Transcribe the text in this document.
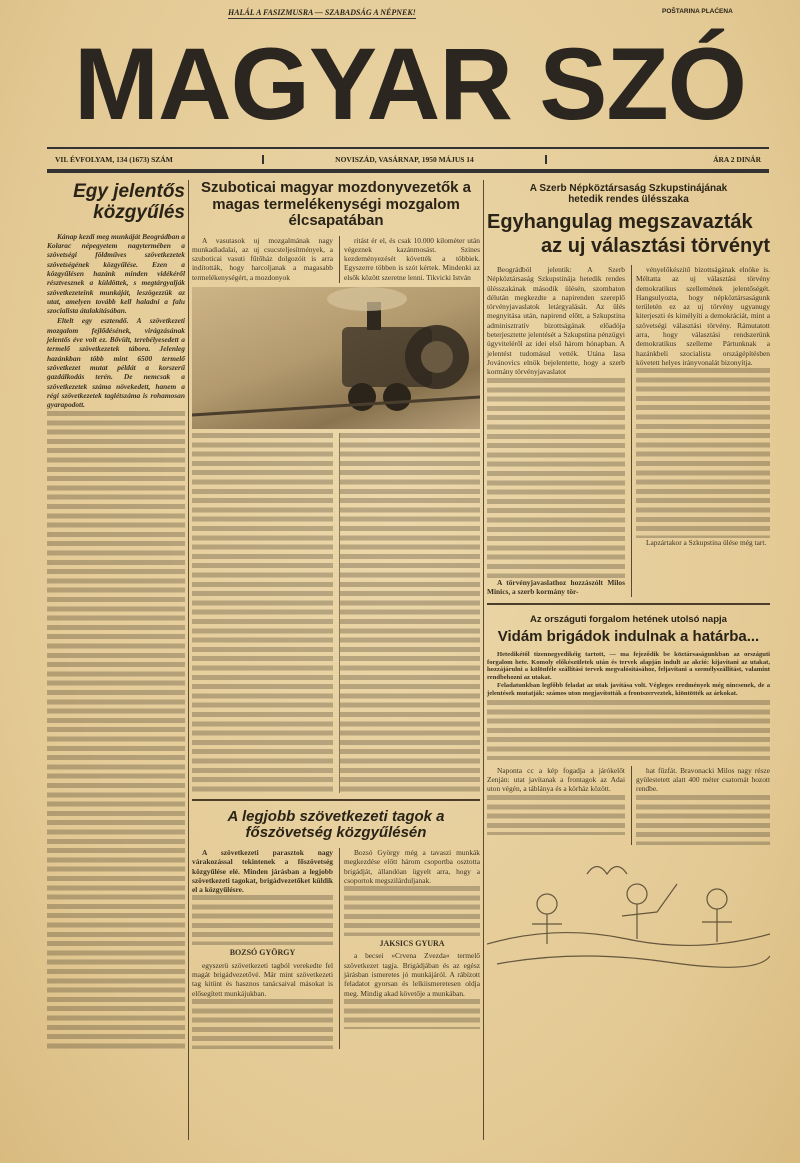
HALÁL A FASIZMUSRA — SZABADSÁG A NÉPNEK!	POŠTARINA PLAĆENA
MAGYAR SZÓ
VII. ÉVFOLYAM, 134 (1673) SZÁM	NOVISZÁD, VASÁRNAP, 1950 MÁJUS 14	ÁRA 2 DINÁR
Egy jelentős
közgyűlés

Kánap kezdi meg munkáját Beográdban a Kolarac népegyetem nagytermében a szövetségi földműves szövetkezetek szövetségének közgyűlése. Ezen a közgyűlésen hazánk minden vidékéről résztvesznek a küldöttek, s megtárgyalják szövetkezeteink munkáját, leszögezzük az utat, amelyen tovább kell haladni a falu szocialista átalakításában.

Eltelt egy esztendő. A szövetkezeti mozgalom fejlődésének, virágzásának jelentős éve volt ez. Bővült, terebélyesedett a termelő szövetkezetek tábora. Jelenleg hazánkban több mint 6500 termelő szövetkezet mutat példát a korszerű gazdálkodás terén. De nemcsak a szövetkezetek száma növekedett, hanem a régi szövetkezetek taglétszáma is rohamosan gyarapodott.

Szuboticai magyar mozdonyvezetők a magas termelékenységi mozgalom élcsapatában

A vasutasok uj mozgalmának nagy munkadiadalai, az uj csucsteljesítmények, a szuboticai vasuti fűtőház dolgozóit is arra indították, hogy harcoljanak a magasabb termelékenységért, a mozdonyok

ritást ér el, és csak 10.000 kilométer után végeznek kazánmosást. Szines kezdeményezését követték a többiek. Egyszerre többen is szót kértek. Mindenki az elsők között szeretne lenni. Tikvicki István

A legjobb szövetkezeti tagok a főszövetség közgyűlésén

A szövetkezeti parasztok nagy várakozással tekintenek a főszövetség közgyűlése elé. Minden járásban a legjobb szövetkezeti tagokat, brigádvezetőket küldik el a közgyűlésre.

BOZSÓ GYÖRGY

egyszerü szövetkezeti tagból verekedte fel magát brigádvezetővé. Már mint szövetkezeti tag kitünt és hasznos tanácsaival másokat is elősegített munkájukban.

Bozsó György még a tavaszi munkák megkezdése előtt három csoportba osztotta brigádját, állandóan ügyelt arra, hogy a csoportok megszilárduljanak.

JAKSICS GYURA

a becsei »Crvena Zvezda« termelő szövetkezet tagja. Brigádjában és az egész járásban ismeretes jó munkájáról. A rábízott feladatot gyorsan és lelkiismeretesen oldja meg. Mindig akad követője a munkában.

A Szerb Népköztársaság Szkupstinájának
hetedik rendes ülésszaka
Egyhangulag megszavazták
az uj választási törvényt

Beográdból jelentik: A Szerb Népköztársaság Szkupstinája hetedik rendes ülésszakának második ülésén, szombaton délután megkezdte a napirenden szereplő törvényjavaslatok letárgyalását. Az ülés megnyitása után, napirend előtt, a Szkupstina adminisztratív bizottságának előadója beterjesztette jelentését a Szkupstina pénzügyi ügyviteléről az idei első három hónapban. A jelentést tudomásul vették. Utána Iasa Jovánovics elnök bejelentette, hogy a szerb kormány törvényjavaslatot

A törvényjavaslathoz hozzászólt Milos Minics, a szerb kormány tör-

vényelőkészítő bizottságának elnöke is. Méltatta az uj választási törvény demokratikus szellemének jelentőségét. Hangsulyozta, hogy népköztársaságunk területén ez az uj törvény ugyanugy kiterjeszti és kimélyíti a demokráciát, mint a szövetségi választási törvény. Rámutatott arra, hogy választási rendszerünk demokratikus szelleme Pártunknak a hazánkbeli szocialista országépítésben követett helyes irányvonalát bizonyítja.

Lapzártakor a Szkupstina ülése még tart.

Az országuti forgalom hetének utolsó napja
Vidám brigádok indulnak a határba...

Hetedikétől tizennegyedikéig tartott, — ma fejeződik be köztársaságunkban az országuti forgalom hete. Komoly előkészületek után és tervek alapján indult az akció: kijavítani az utakat, hozzájárulni a különféle szállítási tervek megvalósításához, feljavítani a személyszállítást, valamint rendbehozni az utakat.

Feladatunkban legfőbb feladat az utak javítása volt. Végleges eredmények még nincsenek, de a jelentések mutatják: számos uton megjavították a frontszerveztek, kiöntötték az árkokat.

Naponta cc a kép fogadja a járókelőt Zenján: utat javítanak a frontagok az Adai uton végén, a táblánya és a körház között.

hat fűzfát. Bravonacki Milos nagy része gyülestetett alatt 400 méter csatornát hozott rendbe.
